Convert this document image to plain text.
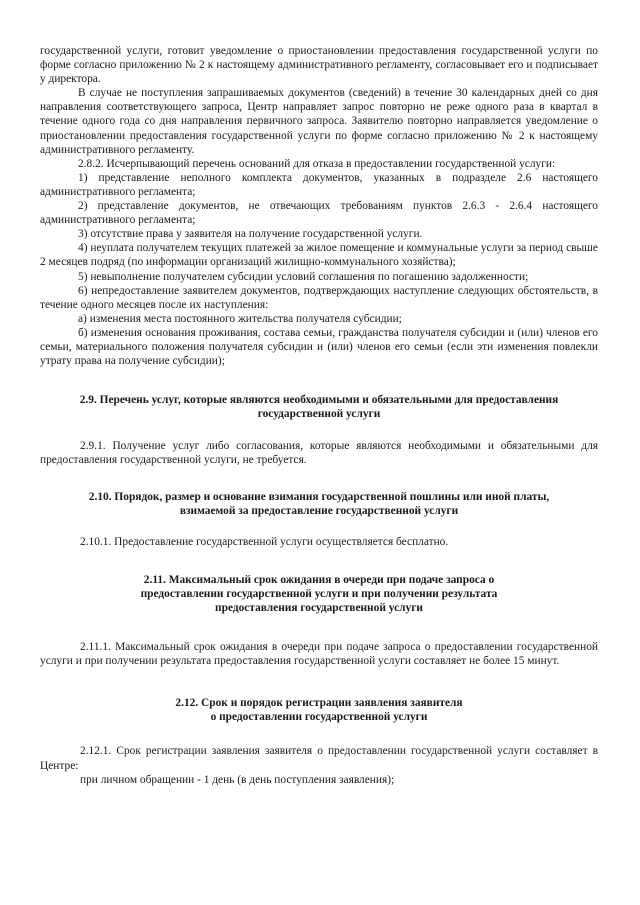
государственной услуги, готовит уведомление о приостановлении предоставления государственной услуги по форме согласно приложению № 2 к настоящему административного регламенту, согласовывает его и подписывает у директора.

В случае не поступления запрашиваемых документов (сведений) в течение 30 календарных дней со дня направления соответствующего запроса, Центр направляет запрос повторно не реже одного раза в квартал в течение одного года со дня направления первичного запроса. Заявителю повторно направляется уведомление о приостановлении предоставления государственной услуги по форме согласно приложению № 2 к настоящему административного регламенту.

2.8.2. Исчерпывающий перечень оснований для отказа в предоставлении государственной услуги:

1) представление неполного комплекта документов, указанных в подразделе 2.6 настоящего административного регламента;

2) представление документов, не отвечающих требованиям пунктов 2.6.3 - 2.6.4 настоящего административного регламента;

3) отсутствие права у заявителя на получение государственной услуги.

4) неуплата получателем текущих платежей за жилое помещение и коммунальные услуги за период свыше 2 месяцев подряд (по информации организаций жилищно-коммунального хозяйства);

5) невыполнение получателем субсидии условий соглашения по погашению задолженности;

6) непредоставление заявителем документов, подтверждающих наступление следующих обстоятельств, в течение одного месяцев после их наступления:

а) изменения места постоянного жительства получателя субсидии;

б) изменения основания проживания, состава семьи, гражданства получателя субсидии и (или) членов его семьи, материального положения получателя субсидии и (или) членов его семьи (если эти изменения повлекли утрату права на получение субсидии);

2.9. Перечень услуг, которые являются необходимыми и обязательными для предоставления
государственной услуги

2.9.1. Получение услуг либо согласования, которые являются необходимыми и обязательными для предоставления государственной услуги, не требуется.

2.10. Порядок, размер и основание взимания государственной пошлины или иной платы,
взимаемой за предоставление государственной услуги

2.10.1. Предоставление государственной услуги осуществляется бесплатно.

2.11. Максимальный срок ожидания в очереди при подаче запроса о
предоставлении государственной услуги и при получении результата
предоставления государственной услуги

2.11.1. Максимальный срок ожидания в очереди при подаче запроса о предоставлении государственной услуги и при получении результата предоставления государственной услуги составляет не более 15 минут.

2.12. Срок и порядок регистрации заявления заявителя
о предоставлении государственной услуги

2.12.1. Срок регистрации заявления заявителя о предоставлении государственной услуги составляет в Центре:

при личном обращении - 1 день (в день поступления заявления);
